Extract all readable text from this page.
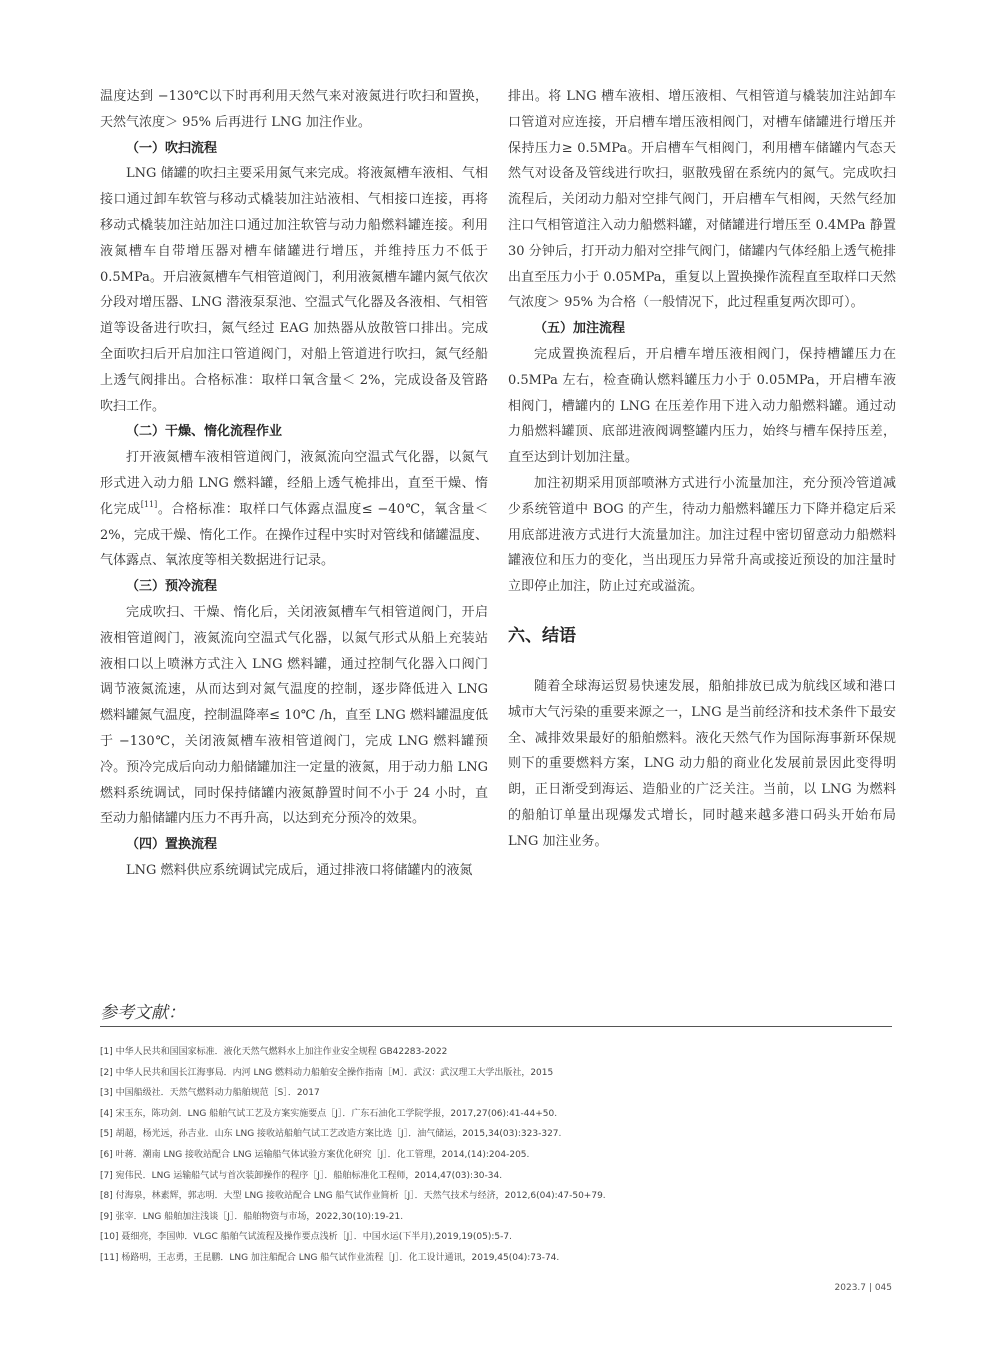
温度达到 −130℃以下时再利用天然气来对液氮进行吹扫和置换，天然气浓度＞ 95% 后再进行 LNG 加注作业。

（一）吹扫流程

LNG 储罐的吹扫主要采用氮气来完成。将液氮槽车液相、气相接口通过卸车软管与移动式橇装加注站液相、气相接口连接，再将移动式橇装加注站加注口通过加注软管与动力船燃料罐连接。利用液氮槽车自带增压器对槽车储罐进行增压，并维持压力不低于 0.5MPa。开启液氮槽车气相管道阀门，利用液氮槽车罐内氮气依次分段对增压器、LNG 潜液泵泵池、空温式气化器及各液相、气相管道等设备进行吹扫，氮气经过 EAG 加热器从放散管口排出。完成全面吹扫后开启加注口管道阀门，对船上管道进行吹扫，氮气经船上透气阀排出。合格标准：取样口氧含量＜ 2%，完成设备及管路吹扫工作。

（二）干燥、惰化流程作业

打开液氮槽车液相管道阀门，液氮流向空温式气化器，以氮气形式进入动力船 LNG 燃料罐，经船上透气桅排出，直至干燥、惰化完成[11]。合格标准：取样口气体露点温度≤ −40℃，氧含量＜ 2%，完成干燥、惰化工作。在操作过程中实时对管线和储罐温度、气体露点、氧浓度等相关数据进行记录。

（三）预冷流程

完成吹扫、干燥、惰化后，关闭液氮槽车气相管道阀门，开启液相管道阀门，液氮流向空温式气化器，以氮气形式从船上充装站液相口以上喷淋方式注入 LNG 燃料罐，通过控制气化器入口阀门调节液氮流速，从而达到对氮气温度的控制，逐步降低进入 LNG 燃料罐氮气温度，控制温降率≤ 10℃ /h，直至 LNG 燃料罐温度低于 −130℃，关闭液氮槽车液相管道阀门，完成 LNG 燃料罐预冷。预冷完成后向动力船储罐加注一定量的液氮，用于动力船 LNG 燃料系统调试，同时保持储罐内液氮静置时间不小于 24 小时，直至动力船储罐内压力不再升高，以达到充分预冷的效果。

（四）置换流程

LNG 燃料供应系统调试完成后，通过排液口将储罐内的液氮

排出。将 LNG 槽车液相、增压液相、气相管道与橇装加注站卸车口管道对应连接，开启槽车增压液相阀门，对槽车储罐进行增压并保持压力≥ 0.5MPa。开启槽车气相阀门，利用槽车储罐内气态天然气对设备及管线进行吹扫，驱散残留在系统内的氮气。完成吹扫流程后，关闭动力船对空排气阀门，开启槽车气相阀，天然气经加注口气相管道注入动力船燃料罐，对储罐进行增压至 0.4MPa 静置 30 分钟后，打开动力船对空排气阀门，储罐内气体经船上透气桅排出直至压力小于 0.05MPa，重复以上置换操作流程直至取样口天然气浓度＞ 95% 为合格（一般情况下，此过程重复两次即可）。

（五）加注流程

完成置换流程后，开启槽车增压液相阀门，保持槽罐压力在 0.5MPa 左右，检查确认燃料罐压力小于 0.05MPa，开启槽车液相阀门，槽罐内的 LNG 在压差作用下进入动力船燃料罐。通过动力船燃料罐顶、底部进液阀调整罐内压力，始终与槽车保持压差，直至达到计划加注量。

加注初期采用顶部喷淋方式进行小流量加注，充分预冷管道减少系统管道中 BOG 的产生，待动力船燃料罐压力下降并稳定后采用底部进液方式进行大流量加注。加注过程中密切留意动力船燃料罐液位和压力的变化，当出现压力异常升高或接近预设的加注量时立即停止加注，防止过充或溢流。

六、结语

随着全球海运贸易快速发展，船舶排放已成为航线区域和港口城市大气污染的重要来源之一，LNG 是当前经济和技术条件下最安全、减排效果最好的船舶燃料。液化天然气作为国际海事新环保规则下的重要燃料方案，LNG 动力船的商业化发展前景因此变得明朗，正日渐受到海运、造船业的广泛关注。当前，以 LNG 为燃料的船舶订单量出现爆发式增长，同时越来越多港口码头开始布局 LNG 加注业务。

参考文献：
[1] 中华人民共和国国家标准．液化天然气燃料水上加注作业安全规程 GB42283-2022
[2] 中华人民共和国长江海事局．内河 LNG 燃料动力船舶安全操作指南［M］．武汉：武汉理工大学出版社，2015
[3] 中国船级社．天然气燃料动力船舶规范［S］．2017
[4] 宋玉东，陈功剑．LNG 船舶气试工艺及方案实施要点［J］．广东石油化工学院学报，2017,27(06):41-44+50.
[5] 胡超，杨光远，孙吉业．山东 LNG 接收站船舶气试工艺改造方案比选［J］．油气储运，2015,34(03):323-327.
[6] 叶蒋．潮南 LNG 接收站配合 LNG 运输船气体试验方案优化研究［J］．化工管理，2014,(14):204-205.
[7] 宛伟民．LNG 运输船气试与首次装卸操作的程序［J］．船舶标准化工程师，2014,47(03):30-34.
[8] 付海泉，林素辉，郭志明．大型 LNG 接收站配合 LNG 船气试作业简析［J］．天然气技术与经济，2012,6(04):47-50+79.
[9] 张宰．LNG 船舶加注浅谈［J］．船舶物资与市场，2022,30(10):19-21.
[10] 聂细亮，李国帅．VLGC 船舶气试流程及操作要点浅析［J］．中国水运(下半月),2019,19(05):5-7.
[11] 杨路明，王志勇，王昆鹏．LNG 加注船配合 LNG 船气试作业流程［J］．化工设计通讯，2019,45(04):73-74.
2023.7 | 045
